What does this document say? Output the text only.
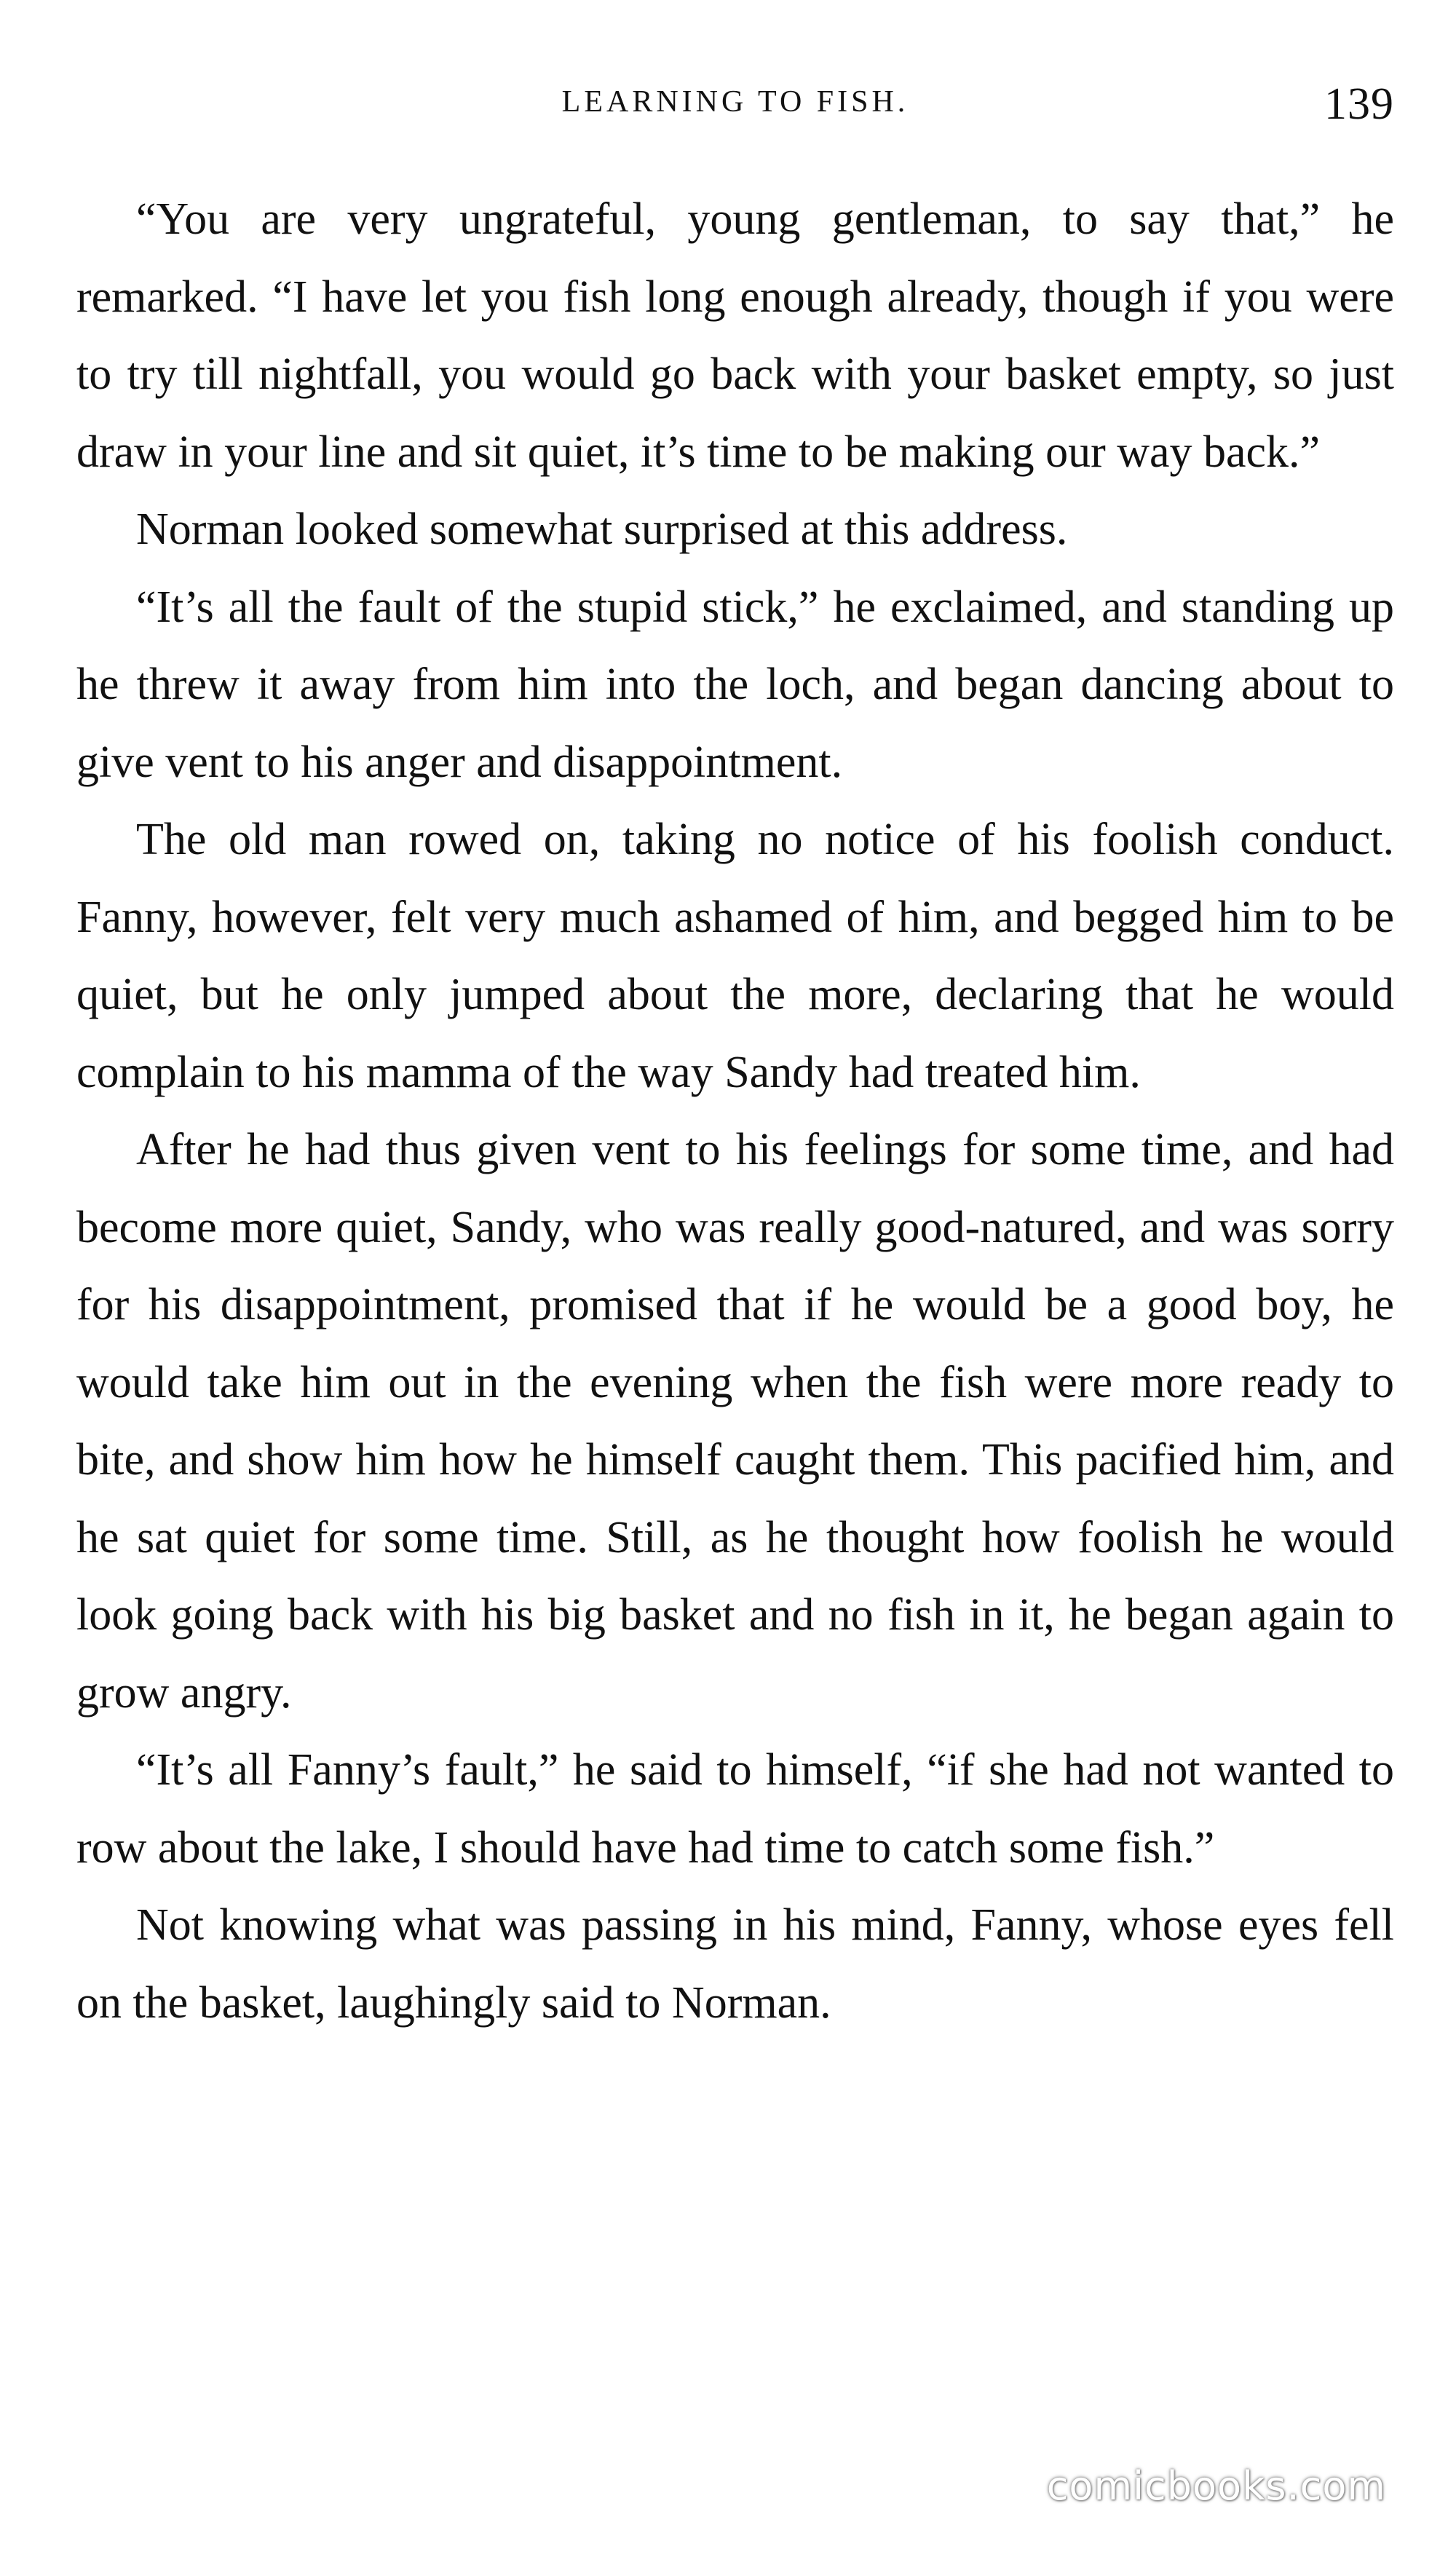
LEARNING TO FISH.	139

“You are very ungrateful, young gentleman, to say that,” he remarked. “I have let you fish long enough already, though if you were to try till nightfall, you would go back with your basket empty, so just draw in your line and sit quiet, it’s time to be making our way back.”

Norman looked somewhat surprised at this address.

“It’s all the fault of the stupid stick,” he exclaimed, and standing up he threw it away from him into the loch, and began dancing about to give vent to his anger and disappointment.

The old man rowed on, taking no notice of his foolish conduct. Fanny, however, felt very much ashamed of him, and begged him to be quiet, but he only jumped about the more, declaring that he would complain to his mamma of the way Sandy had treated him.

After he had thus given vent to his feelings for some time, and had become more quiet, Sandy, who was really good-natured, and was sorry for his disappointment, promised that if he would be a good boy, he would take him out in the evening when the fish were more ready to bite, and show him how he himself caught them. This pacified him, and he sat quiet for some time. Still, as he thought how foolish he would look going back with his big basket and no fish in it, he began again to grow angry.

“It’s all Fanny’s fault,” he said to himself, “if she had not wanted to row about the lake, I should have had time to catch some fish.”

Not knowing what was passing in his mind, Fanny, whose eyes fell on the basket, laughingly said to Norman.

comicbooks.com
